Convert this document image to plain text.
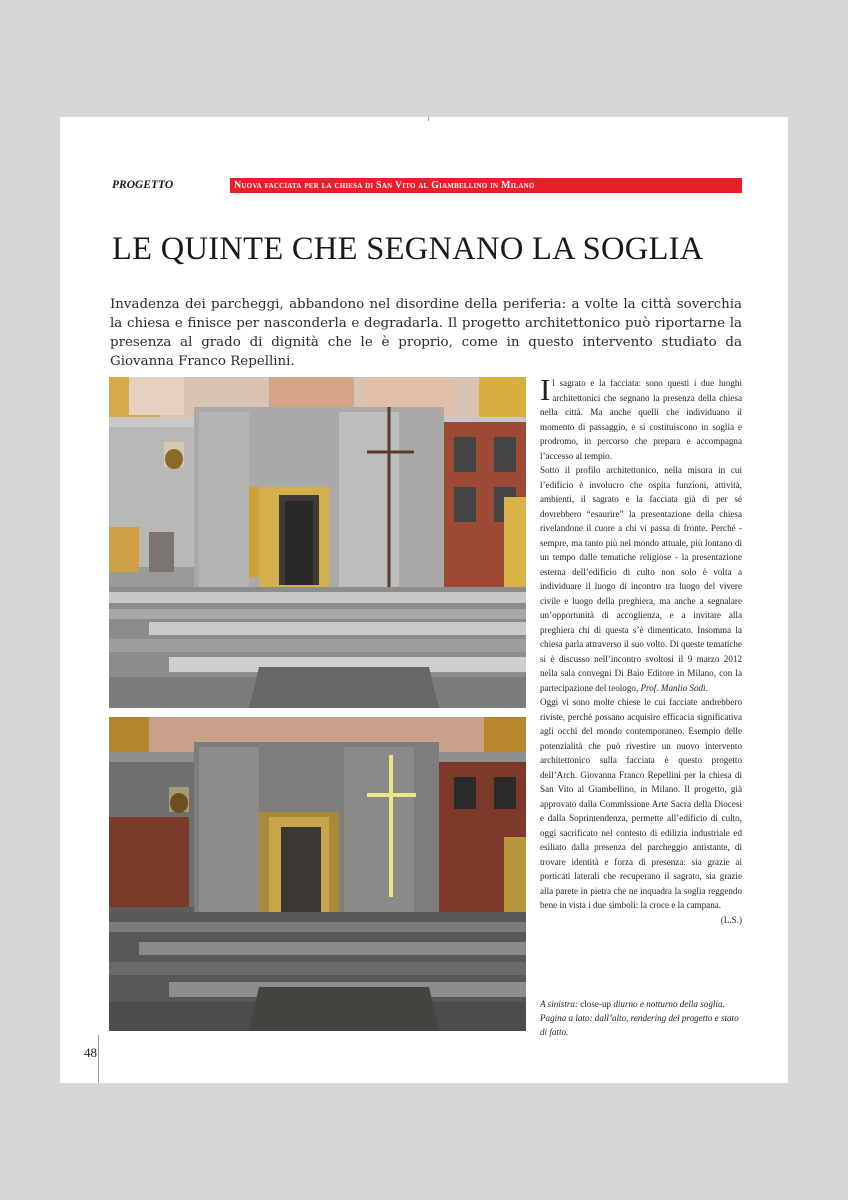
PROGETTO	Nuova facciata per la chiesa di San Vito al Giambellino in Milano
LE QUINTE CHE SEGNANO LA SOGLIA

Invadenza dei parcheggi, abbandono nel disordine della periferia: a volte la città soverchia la chiesa e finisce per nasconderla e degradarla. Il progetto architettonico può riportarne la presenza al grado di dignità che le è proprio, come in questo intervento studiato da Giovanna Franco Repellini.

Il sagrato e la facciata: sono questi i due luoghi architettonici che segnano la presenza della chiesa nella città. Ma anche quelli che individuano il momento di passaggio, e si costituiscono in soglia e prodromo, in percorso che prepara e accompagna l’accesso al tempio.

Sotto il profilo architettonico, nella misura in cui l’edificio è involucro che ospita funzioni, attività, ambienti, il sagrato e la facciata già di per sé dovrebbero “esaurire” la presentazione della chiesa rivelandone il cuore a chi vi passa di fronte. Perché - sempre, ma tanto più nel mondo attuale, più lontano di un tempo dalle tematiche religiose - la presentazione esterna dell’edificio di culto non solo è volta a individuare il luogo di incontro tra luogo del vivere civile e luogo della preghiera, ma anche a segnalare un’opportunità di accoglienza, e a invitare alla preghiera chi di questa s’è dimenticato. Insomma la chiesa parla attraverso il suo volto. Di queste tematiche si è discusso nell’incontro svoltosi il 9 marzo 2012 nella sala convegni Di Baio Editore in Milano, con la partecipazione del teologo, Prof. Manlio Sodi.

Oggi vi sono molte chiese le cui facciate andrebbero riviste, perché possano acquisire efficacia significativa agli occhi del mondo contemporaneo. Esempio delle potenzialità che può rivestire un nuovo intervento architettonico sulla facciata è questo progetto dell’Arch. Giovanna Franco Repellini per la chiesa di San Vito al Giambellino, in Milano. Il progetto, già approvato dalla Commissione Arte Sacra della Diocesi e dalla Soprintendenza, permette all’edificio di culto, oggi sacrificato nel contesto di edilizia industriale ed esiliato dalla presenza del parcheggio antistante, di trovare identità e forza di presenza: sia grazie ai porticati laterali che recuperano il sagrato, sia grazie alla parete in pietra che ne inquadra la soglia reggendo bene in vista i due simboli: la croce e la campana.

(L.S.)

A sinistra: close-up diurno e notturno della soglia. Pagina a lato: dall’alto, rendering del progetto e stato di fatto.
48
